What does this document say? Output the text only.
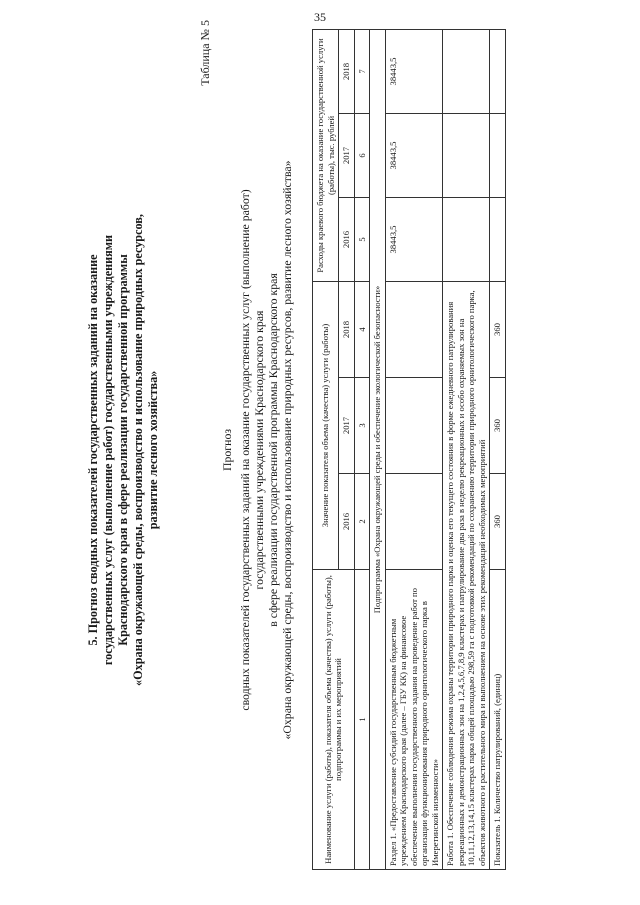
35
5. Прогноз сводных показателей государственных заданий на оказание государственных услуг (выполнение работ) государственными учреждениями Краснодарского края в сфере реализации государственной программы «Охрана окружающей среды, воспроизводство и использование природных ресурсов, развитие лесного хозяйства»
Таблица № 5
Прогноз сводных показателей государственных заданий на оказание государственных услуг (выполнение работ) государственными учреждениями Краснодарского края в сфере реализации государственной программы Краснодарского края «Охрана окружающей среды, воспроизводство и использование природных ресурсов, развитие лесного хозяйства»	Наименование услуги (работы), показателя объема (качества) услуги (работы), подпрограммы и их мероприятий	Значение показателя объема (качества) услуги (работы)			Расходы краевого бюджета на оказание государственной услуги (работы), тыс. рублей		
	2016	2017	2018	2016	2017	2018
1	2	3	4	5	6	7
Подпрограмма «Охрана окружающей среды и обеспечение экологической безопасности»						
Раздел 1. «Предоставление субсидий государственным бюджетным учреждением Краснодарского края (далее – ГБУ КК) на финансовое обеспечение выполнения государственного задания на проведение работ по организации функционирования природного орнитологического парка в Имеретинской низменности»				38443,5	38443,5	38443,5
Работа 1. Обеспечение соблюдения режима охраны территории природного парка и оценка его текущего состояния в форме ежедневного патрулирования рекреационных и демонстрационных зон на 1,2,4,5,6,7,8,9 кластерах и патрулирование два раза в неделю рекреационных и особо охраняемых зон на 10,11,12,13,14,15 кластерах парка общей площадью 298,59 га с подготовкой рекомендаций по сохранению территории природного орнитологического парка, объектов животного и растительного мира и выполнением на основе этих рекомендаций необходимых мероприятий						
Показатель 1. Количество патрулирований, (единиц)	360	360	360			
